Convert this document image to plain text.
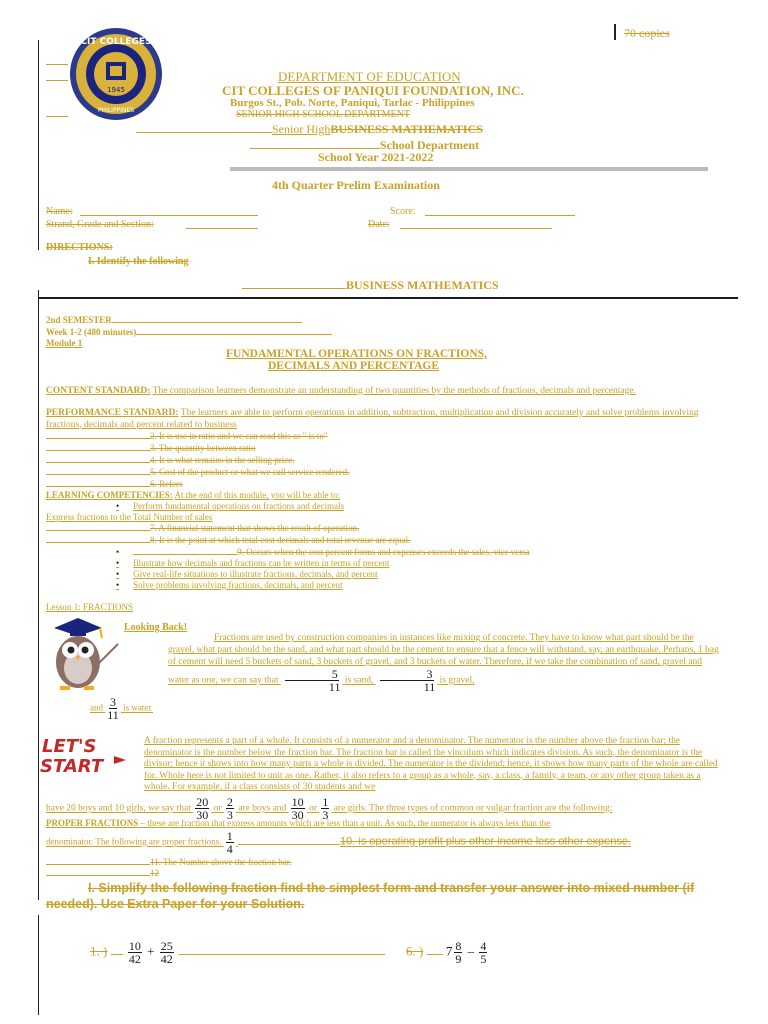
70 copies
CIT COLLEGES
1945
PHILIPPINES
DEPARTMENT OF EDUCATION
CIT COLLEGES OF PANIQUI FOUNDATION, INC.
Burgos St., Pob. Norte, Paniqui, Tarlac - Philippines
SENIOR HIGH SCHOOL DEPARTMENT
Senior HighBUSINESS MATHEMATICS
School Department
School Year 2021-2022
4th Quarter Prelim Examination
Name:	Score:
Strand, Grade and Section:	Date:
DIRECTIONS:
I. Identify the following
BUSINESS MATHEMATICS
2nd SEMESTER
Week 1-2 (480 minutes)
Module 1
FUNDAMENTAL OPERATIONS ON FRACTIONS,
DECIMALS AND PERCENTAGE
CONTENT STANDARD: The comparison learners demonstrate an understanding of two quantities by the methods of fractions, decimals and percentage.
PERFORMANCE STANDARD: The learners are able to perform operations in addition, subtraction, multiplication and division accurately and solve problems involving fractions, decimals and percent related to business
2. It is use in ratio and we can read this as " is to"
3. The quantity between ratio
4. It is what remains in the selling price.
5. Cost of the product or what we call service rendered.
6. Refers
LEARNING COMPETENCIES: At the end of this module, you will be able to:
• Perform fundamental operations on fractions and decimals
Express fractions to the Total Number of sales
7. A financial statement that shows the result of operation.
8. It is the point at which total cost decimals and total revenue are equal.
•	9. Occurs when the cost percent forms and expenses exceeds the sales. vice versa
• Illustrate how decimals and fractions can be written in terms of percent
• Give real-life situations to illustrate fractions, decimals, and percent
• Solve problems involving fractions, decimals, and percent
Lesson 1: FRACTIONS
Looking Back!
Fractions are used by construction companies in instances like mixing of concrete. They have to know what part should be the gravel, what part should be the sand, and what part should be the cement to ensure that a fence will withstand, say, an earthquake. Perhaps, 1 bag of cement will need 5 buckets of sand, 3 buckets of gravel, and 3 buckets of water. Therefore, if we take the combination of sand, gravel and water as one, we can say that $\frac{5}{11}$ is sand, $\frac{3}{11}$ is gravel,
and $\frac{3}{11}$ is water.
LET'S
START
A fraction represents a part of a whole. It consists of a numerator and a denominator. The numerator is the number above the fraction bar; the denominator is the number below the fraction bar. The fraction bar is called the vinculum which indicates division. As such, the denominator is the divisor; hence it shows into how many parts a whole is divided. The numerator is the dividend; hence, it shows how many parts of the whole are called for. Whole here is not limited to unit as one. Rather, it also refers to a group as a whole, say, a class, a family, a team, or any other group taken as a whole. For example, if a class consists of 30 students and we
have 20 boys and 10 girls, we say that $\frac{20}{30}$ or $\frac{2}{3}$ are boys and $\frac{10}{30}$ or $\frac{1}{3}$ are girls. The three types of common or vulgar fraction are the following:
PROPER FRACTIONS – these are fraction that express amounts which are less than a unit. As such, the numerator is always less than the
denominator. The following are proper fractions. $\frac{1}{4}$	10. is operating profit plus other income less other expense.
11. The Number above the fraction bar.
12
I. Simplify the following fraction find the simplest form and transfer your answer into mixed number (if needed). Use Extra Paper for your Solution.
1. ) $\frac{10}{42} + \frac{25}{42}$
	6. ) $7 \frac{8}{9} - \frac{4}{5}$
